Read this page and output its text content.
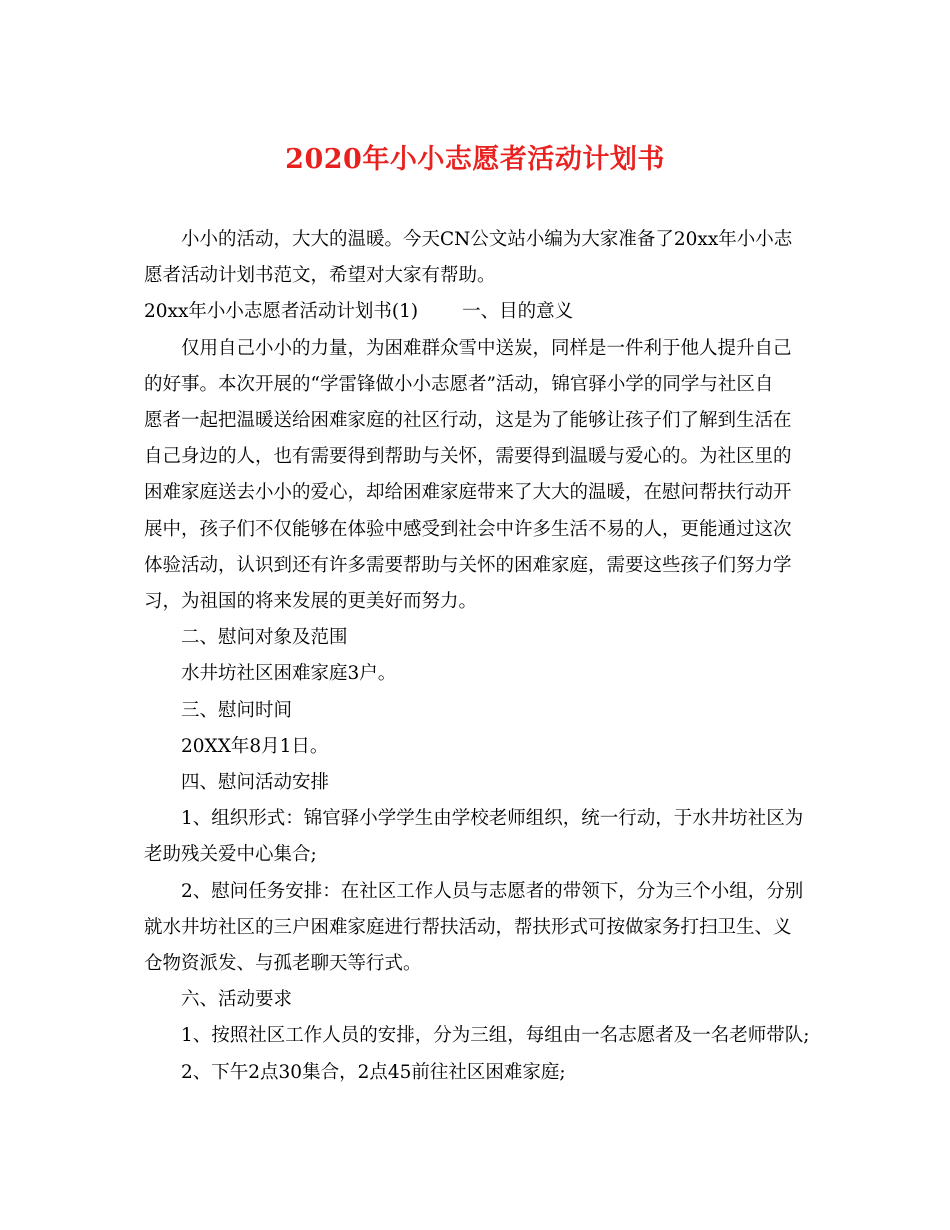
2020年小小志愿者活动计划书
小小的活动，大大的温暖。今天CN公文站小编为大家准备了20xx年小小志
愿者活动计划书范文，希望对大家有帮助。
20xx年小小志愿者活动计划书(1) 一、目的意义
仅用自己小小的力量，为困难群众雪中送炭，同样是一件利于他人提升自己
的好事。本次开展的“学雷锋做小小志愿者”活动，锦官驿小学的同学与社区自
愿者一起把温暖送给困难家庭的社区行动，这是为了能够让孩子们了解到生活在
自己身边的人，也有需要得到帮助与关怀，需要得到温暖与爱心的。为社区里的
困难家庭送去小小的爱心，却给困难家庭带来了大大的温暖，在慰问帮扶行动开
展中，孩子们不仅能够在体验中感受到社会中许多生活不易的人，更能通过这次
体验活动，认识到还有许多需要帮助与关怀的困难家庭，需要这些孩子们努力学
习，为祖国的将来发展的更美好而努力。
二、慰问对象及范围
水井坊社区困难家庭3户。
三、慰问时间
20XX年8月1日。
四、慰问活动安排
1、组织形式：锦官驿小学学生由学校老师组织，统一行动，于水井坊社区为
老助残关爱中心集合;
2、慰问任务安排：在社区工作人员与志愿者的带领下，分为三个小组，分别
就水井坊社区的三户困难家庭进行帮扶活动，帮扶形式可按做家务打扫卫生、义
仓物资派发、与孤老聊天等行式。
六、活动要求
1、按照社区工作人员的安排，分为三组，每组由一名志愿者及一名老师带队;
2、下午2点30集合，2点45前往社区困难家庭;
